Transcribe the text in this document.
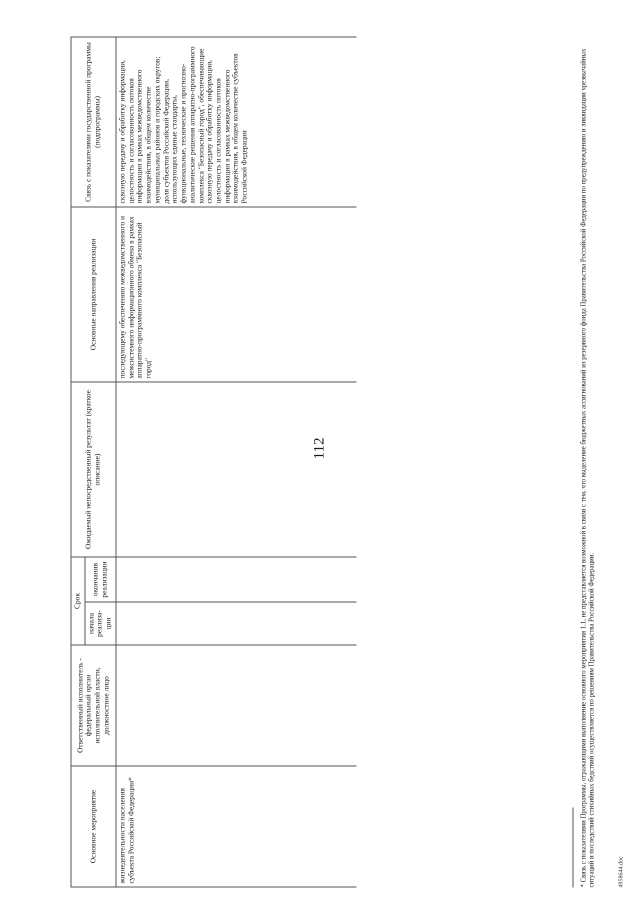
112
Основное мероприятие	Ответственный исполнитель - федеральный орган исполнительной власти, должностное лицо	Срок		Ожидаемый непосредственный результат (краткое описание)	Основные направления реализации	Связь с показателями государственной программы (подпрограммы)
		начала реализа-ции	окончания реализации			
жизнедеятельности населения субъекта Российской Федерации*					последующему обеспечению межведомственного и межсистемного информационного обмена в рамках аппаратно-программного комплекса "Безопасный город"	сквозную передачу и обработку информации, целостность и согласованность потоков информации в рамках межведомственного взаимодействия, в общем количестве муниципальных районов и городских округов; доля субъектов Российской Федерации, использующих единые стандарты, функциональные, технические и прогнозно-аналитические решения аппаратно-программного комплекса "Безопасный город", обеспечивающие сквозную передачу и обработку информации, целостность и согласованность потоков информации в рамках межведомственного взаимодействия, в общем количестве субъектов Российской Федерации	* Связь с показателями Программы, отражающими выполнение основного мероприятия 1.1, не представляется возможной в связи с тем, что выделение бюджетных ассигнований из резервного фонда Правительства Российской Федерации по предупреждению и ликвидации чрезвычайных ситуаций и последствий стихийных бедствий осуществляется по решениям Правительства Российской Федерации.	4958644.doc
